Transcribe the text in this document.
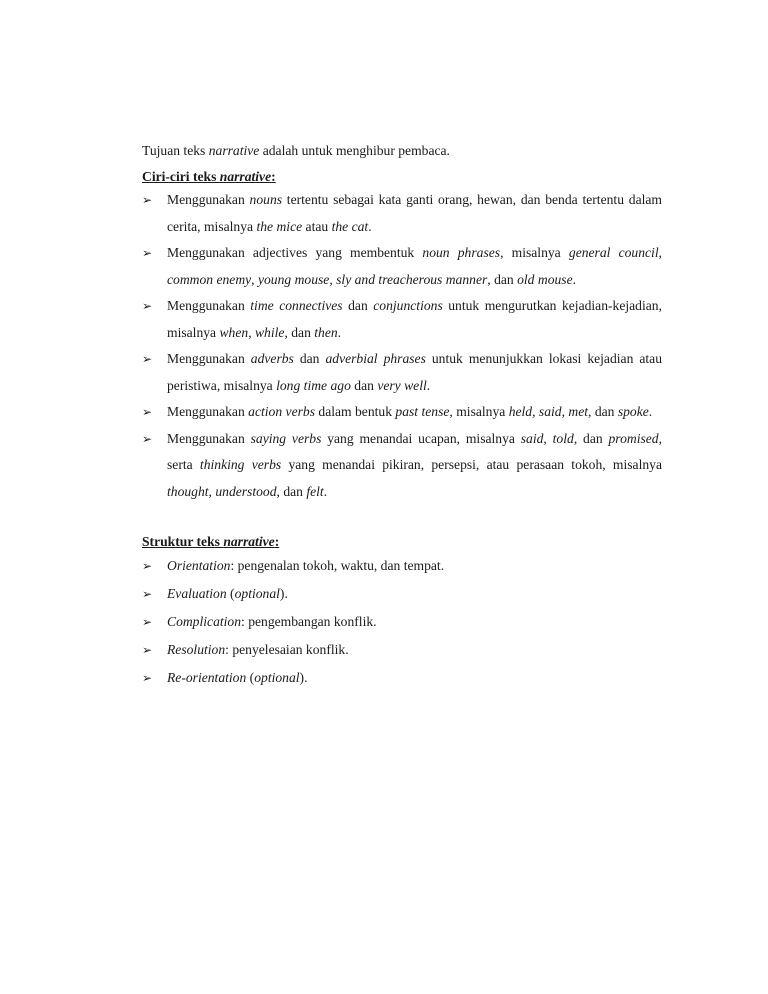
Tujuan teks narrative adalah untuk menghibur pembaca.

Ciri-ciri teks narrative:

➢ Menggunakan nouns tertentu sebagai kata ganti orang, hewan, dan benda tertentu dalam cerita, misalnya the mice atau the cat.
➢ Menggunakan adjectives yang membentuk noun phrases, misalnya general council, common enemy, young mouse, sly and treacherous manner, dan old mouse.
➢ Menggunakan time connectives dan conjunctions untuk mengurutkan kejadian-kejadian, misalnya when, while, dan then.
➢ Menggunakan adverbs dan adverbial phrases untuk menunjukkan lokasi kejadian atau peristiwa, misalnya long time ago dan very well.
➢ Menggunakan action verbs dalam bentuk past tense, misalnya held, said, met, dan spoke.
➢ Menggunakan saying verbs yang menandai ucapan, misalnya said, told, dan promised, serta thinking verbs yang menandai pikiran, persepsi, atau perasaan tokoh, misalnya thought, understood, dan felt.

Struktur teks narrative:

➢ Orientation: pengenalan tokoh, waktu, dan tempat.
➢ Evaluation (optional).
➢ Complication: pengembangan konflik.
➢ Resolution: penyelesaian konflik.
➢ Re-orientation (optional).
